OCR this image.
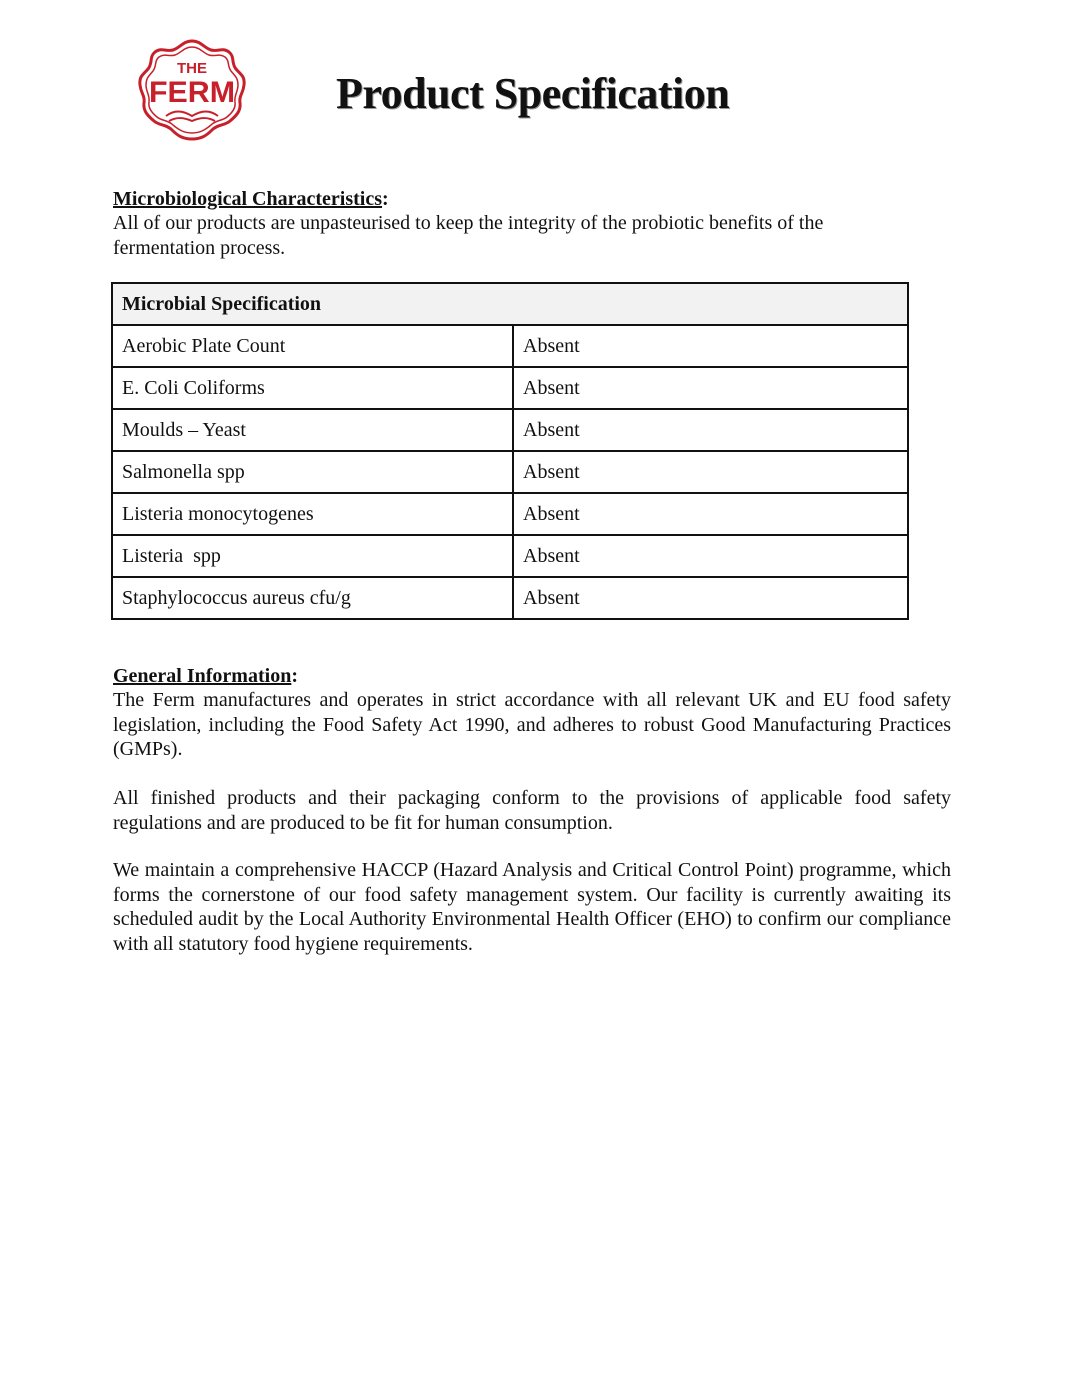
THE
FERM Product Specification
Microbiological Characteristics:

All of our products are unpasteurised to keep the integrity of the probiotic benefits of the fermentation process.

Microbial Specification	
Aerobic Plate Count	Absent
E. Coli Coliforms	Absent
Moulds – Yeast	Absent
Salmonella spp	Absent
Listeria monocytogenes	Absent
Listeria  spp	Absent
Staphylococcus aureus cfu/g	Absent
General Information:

The Ferm manufactures and operates in strict accordance with all relevant UK and EU food safety legislation, including the Food Safety Act 1990, and adheres to robust Good Manufacturing Practices (GMPs).

All finished products and their packaging conform to the provisions of applicable food safety regulations and are produced to be fit for human consumption.

We maintain a comprehensive HACCP (Hazard Analysis and Critical Control Point) programme, which forms the cornerstone of our food safety management system. Our facility is currently awaiting its scheduled audit by the Local Authority Environmental Health Officer (EHO) to confirm our compliance with all statutory food hygiene requirements.
